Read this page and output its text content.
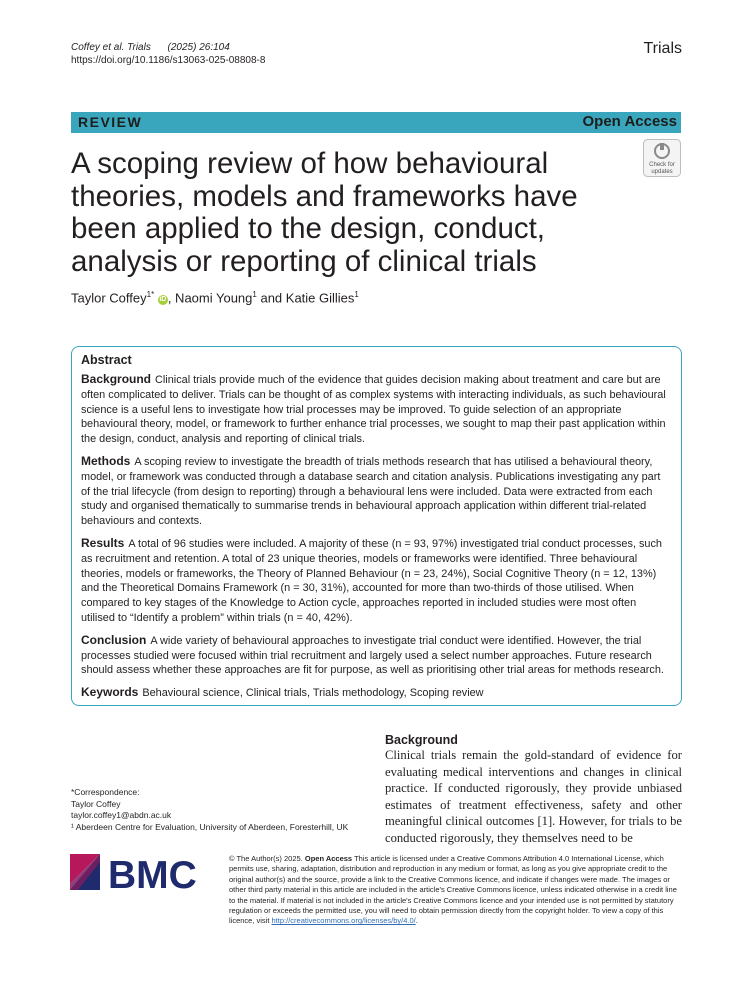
Coffey et al. Trials (2025) 26:104
https://doi.org/10.1186/s13063-025-08808-8
Trials
REVIEW	Open Access
A scoping review of how behavioural theories, models and frameworks have been applied to the design, conduct, analysis or reporting of clinical trials
Check for
updates
Taylor Coffey$^{1*}$ iD , Naomi Young$^1$ and Katie Gillies$^1$
Abstract

Background Clinical trials provide much of the evidence that guides decision making about treatment and care but are often complicated to deliver. Trials can be thought of as complex systems with interacting individuals, as such behavioural science is a useful lens to investigate how trial processes may be improved. To guide selection of an appropriate behavioural theory, model, or framework to further enhance trial processes, we sought to map their past application within the design, conduct, analysis and reporting of clinical trials.

Methods A scoping review to investigate the breadth of trials methods research that has utilised a behavioural theory, model, or framework was conducted through a database search and citation analysis. Publications investigating any part of the trial lifecycle (from design to reporting) through a behavioural lens were included. Data were extracted from each study and organised thematically to summarise trends in behavioural approach application within different trial-related behaviours and contexts.

Results A total of 96 studies were included. A majority of these (n = 93, 97%) investigated trial conduct processes, such as recruitment and retention. A total of 23 unique theories, models or frameworks were identified. Three behavioural theories, models or frameworks, the Theory of Planned Behaviour (n = 23, 24%), Social Cognitive Theory (n = 12, 13%) and the Theoretical Domains Framework (n = 30, 31%), accounted for more than two-thirds of those utilised. When compared to key stages of the Knowledge to Action cycle, approaches reported in included studies were most often utilised to “Identify a problem” within trials (n = 40, 42%).

Conclusion A wide variety of behavioural approaches to investigate trial conduct were identified. However, the trial processes studied were focused within trial recruitment and largely used a select number approaches. Future research should assess whether these approaches are fit for purpose, as well as prioritising other trial areas for methods research.

Keywords Behavioural science, Clinical trials, Trials methodology, Scoping review

*Correspondence:
Taylor Coffey
taylor.coffey1@abdn.ac.uk
¹ Aberdeen Centre for Evaluation, University of Aberdeen, Foresterhill, UK
Background
Clinical trials remain the gold-standard of evidence for evaluating medical interventions and changes in clinical practice. If conducted rigorously, they provide unbiased estimates of treatment effectiveness, safety and other meaningful clinical outcomes [1]. However, for trials to be conducted rigorously, they themselves need to be
BMC	© The Author(s) 2025. Open Access This article is licensed under a Creative Commons Attribution 4.0 International License, which permits use, sharing, adaptation, distribution and reproduction in any medium or format, as long as you give appropriate credit to the original author(s) and the source, provide a link to the Creative Commons licence, and indicate if changes were made. The images or other third party material in this article are included in the article's Creative Commons licence, unless indicated otherwise in a credit line to the material. If material is not included in the article's Creative Commons licence and your intended use is not permitted by statutory regulation or exceeds the permitted use, you will need to obtain permission directly from the copyright holder. To view a copy of this licence, visit http://creativecommons.org/licenses/by/4.0/.
